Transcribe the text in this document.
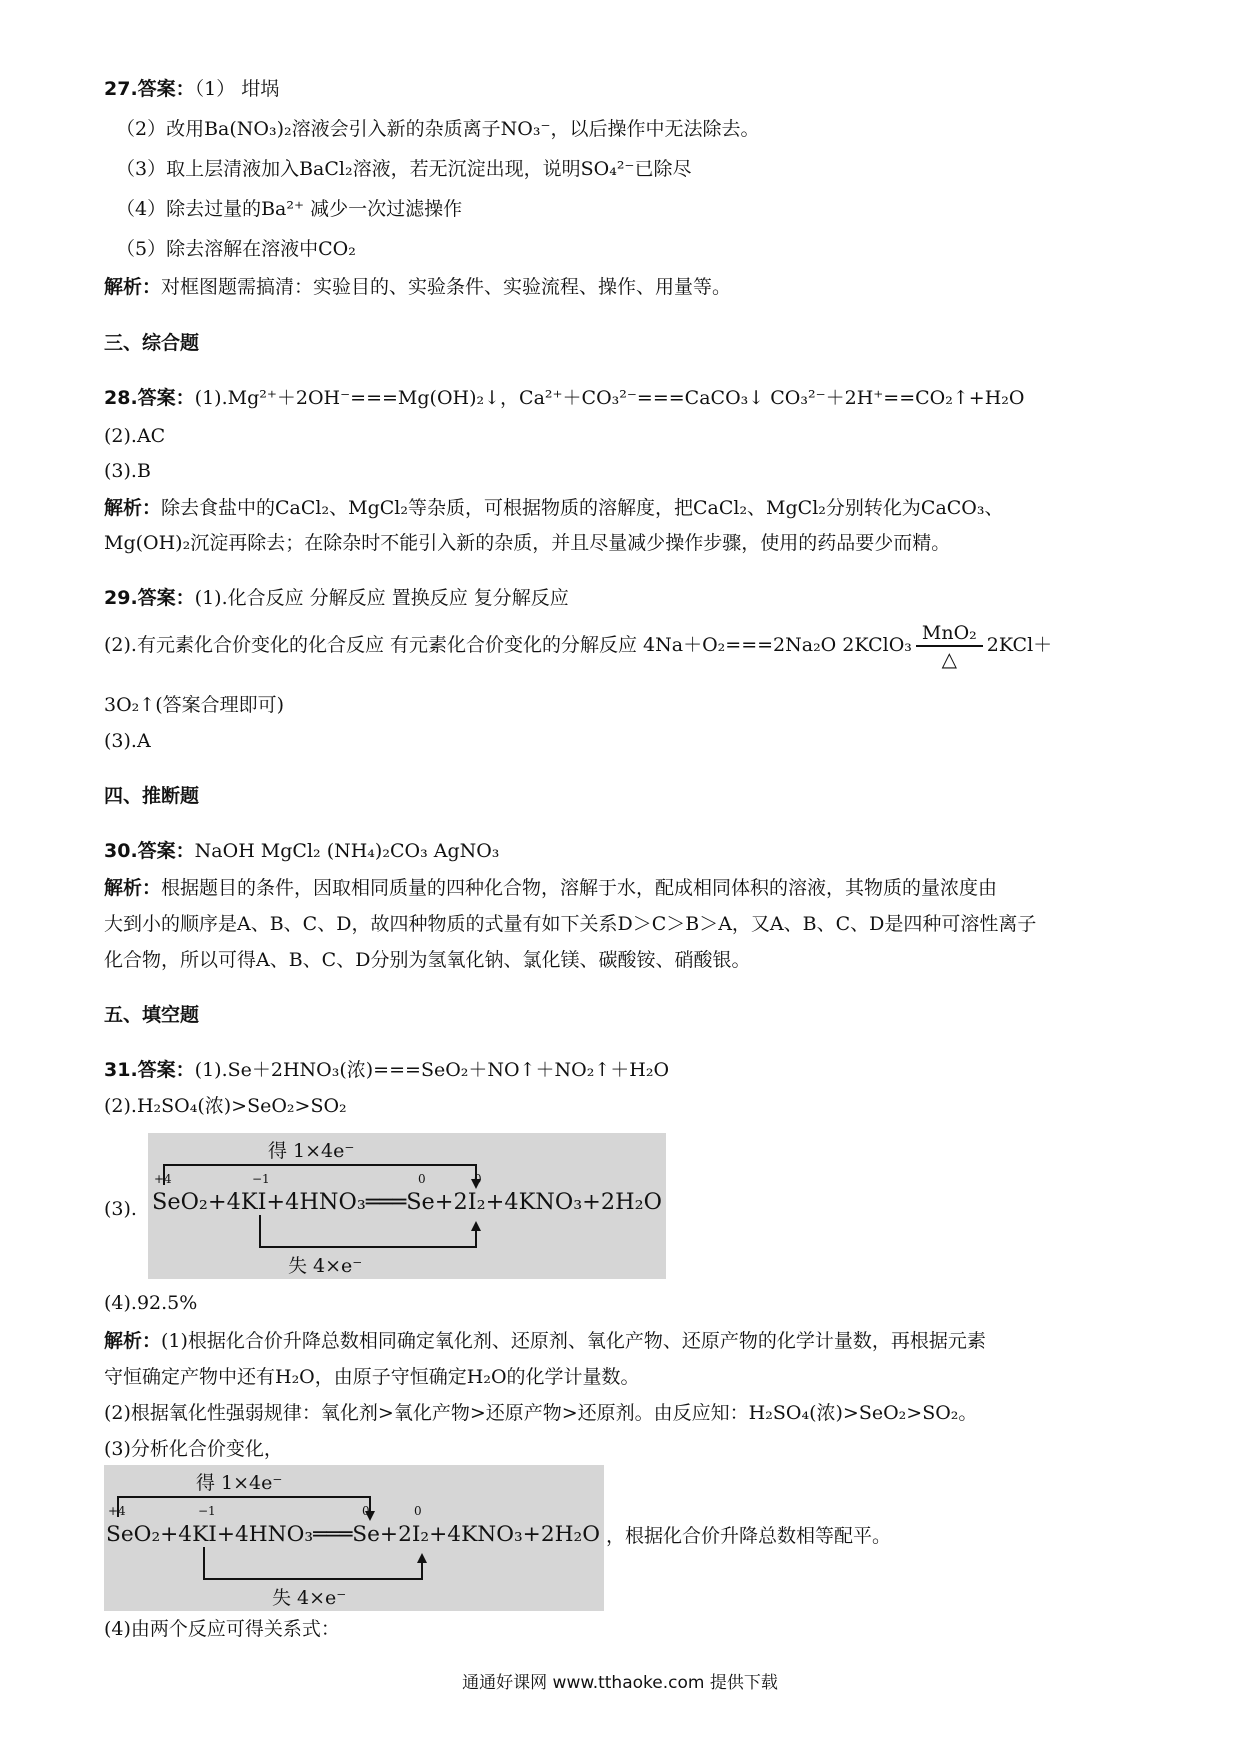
27.答案：（1） 坩埚
（2）改用Ba(NO₃)₂溶液会引入新的杂质离子NO₃⁻，以后操作中无法除去。
（3）取上层清液加入BaCl₂溶液，若无沉淀出现，说明SO₄²⁻已除尽
（4）除去过量的Ba²⁺ 减少一次过滤操作
（5）除去溶解在溶液中CO₂
解析：对框图题需搞清：实验目的、实验条件、实验流程、操作、用量等。
三、综合题
28.答案：(1).Mg²⁺＋2OH⁻===Mg(OH)₂↓，Ca²⁺＋CO₃²⁻===CaCO₃↓ CO₃²⁻＋2H⁺==CO₂↑+H₂O
(2).AC
(3).B
解析：除去食盐中的CaCl₂、MgCl₂等杂质，可根据物质的溶解度，把CaCl₂、MgCl₂分别转化为CaCO₃、
Mg(OH)₂沉淀再除去；在除杂时不能引入新的杂质，并且尽量减少操作步骤，使用的药品要少而精。
29.答案：(1).化合反应 分解反应 置换反应 复分解反应
(2).有元素化合价变化的化合反应 有元素化合价变化的分解反应 4Na＋O₂===2Na₂O 2KClO₃ $\frac{\text{MnO₂}}{\triangle} 2KCl+$
3O₂↑(答案合理即可)
(3).A
四、推断题
30.答案：NaOH MgCl₂ (NH₄)₂CO₃ AgNO₃
解析：根据题目的条件，因取相同质量的四种化合物，溶解于水，配成相同体积的溶液，其物质的量浓度由
大到小的顺序是A、B、C、D，故四种物质的式量有如下关系D＞C＞B＞A，又A、B、C、D是四种可溶性离子
化合物，所以可得A、B、C、D分别为氢氧化钠、氯化镁、碳酸铵、硝酸银。
五、填空题
31.答案：(1).Se＋2HNO₃(浓)===SeO₂＋NO↑＋NO₂↑＋H₂O
(2).H₂SO₄(浓)>SeO₂>SO₂
(3).
得 1×4e⁻
失 4×e⁻
+4	−1	0	0
SeO₂+4KI+4HNO₃═══Se+2I₂+4KNO₃+2H₂O
(4).92.5%
解析：(1)根据化合价升降总数相同确定氧化剂、还原剂、氧化产物、还原产物的化学计量数，再根据元素
守恒确定产物中还有H₂O，由原子守恒确定H₂O的化学计量数。
(2)根据氧化性强弱规律：氧化剂>氧化产物>还原产物>还原剂。由反应知：H₂SO₄(浓)>SeO₂>SO₂。
(3)分析化合价变化，
得 1×4e⁻
失 4×e⁻
+4	−1	0	0
SeO₂+4KI+4HNO₃═══Se+2I₂+4KNO₃+2H₂O ，根据化合价升降总数相等配平。
(4)由两个反应可得关系式：
通通好课网 www.tthaoke.com 提供下载
